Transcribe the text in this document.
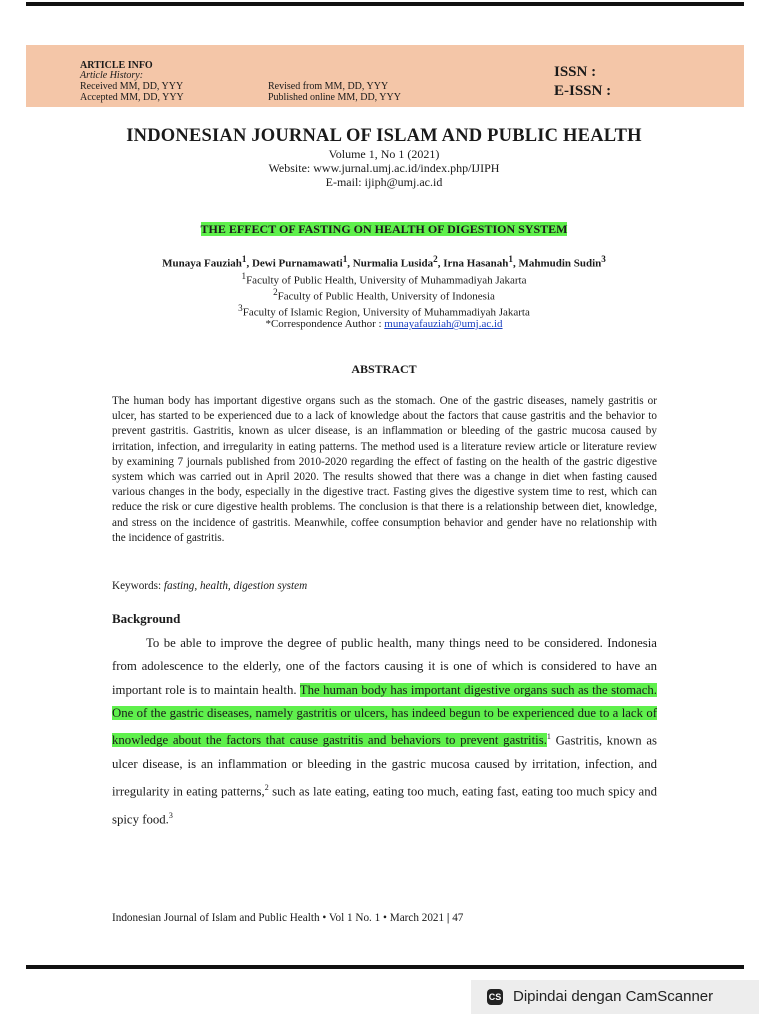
ARTICLE INFO
Article History:
Received MM, DD, YYY
Accepted MM, DD, YYY
Revised from MM, DD, YYY
Published online MM, DD, YYY
ISSN :
E-ISSN :
INDONESIAN JOURNAL OF ISLAM AND PUBLIC HEALTH
Volume 1, No 1 (2021)
Website: www.jurnal.umj.ac.id/index.php/IJIPH
E-mail: ijiph@umj.ac.id
THE EFFECT OF FASTING ON HEALTH OF DIGESTION SYSTEM
Munaya Fauziah$^1$, Dewi Purnamawati$^1$, Nurmalia Lusida$^2$, Irna Hasanah$^1$, Mahmudin Sudin$^3$
$^1$Faculty of Public Health, University of Muhammadiyah Jakarta
$^2$Faculty of Public Health, University of Indonesia
$^3$Faculty of Islamic Region, University of Muhammadiyah Jakarta
*Correspondence Author : munayafauziah@umj.ac.id
ABSTRACT
The human body has important digestive organs such as the stomach. One of the gastric diseases, namely gastritis or ulcer, has started to be experienced due to a lack of knowledge about the factors that cause gastritis and the behavior to prevent gastritis. Gastritis, known as ulcer disease, is an inflammation or bleeding of the gastric mucosa caused by irritation, infection, and irregularity in eating patterns. The method used is a literature review article or literature review by examining 7 journals published from 2010-2020 regarding the effect of fasting on the health of the gastric digestive system which was carried out in April 2020. The results showed that there was a change in diet when fasting caused various changes in the body, especially in the digestive tract. Fasting gives the digestive system time to rest, which can reduce the risk or cure digestive health problems. The conclusion is that there is a relationship between diet, knowledge, and stress on the incidence of gastritis. Meanwhile, coffee consumption behavior and gender have no relationship with the incidence of gastritis.
Keywords: fasting, health, digestion system
Background
To be able to improve the degree of public health, many things need to be considered. Indonesia from adolescence to the elderly, one of the factors causing it is one of which is considered to have an important role is to maintain health. The human body has important digestive organs such as the stomach. One of the gastric diseases, namely gastritis or ulcers, has indeed begun to be experienced due to a lack of knowledge about the factors that cause gastritis and behaviors to prevent gastritis.$^1$ Gastritis, known as ulcer disease, is an inflammation or bleeding in the gastric mucosa caused by irritation, infection, and irregularity in eating patterns,$^2$ such as late eating, eating too much, eating fast, eating too much spicy and spicy food.$^3$
Indonesian Journal of Islam and Public Health • Vol 1 No. 1 • March 2021 | 47
CS Dipindai dengan CamScanner
